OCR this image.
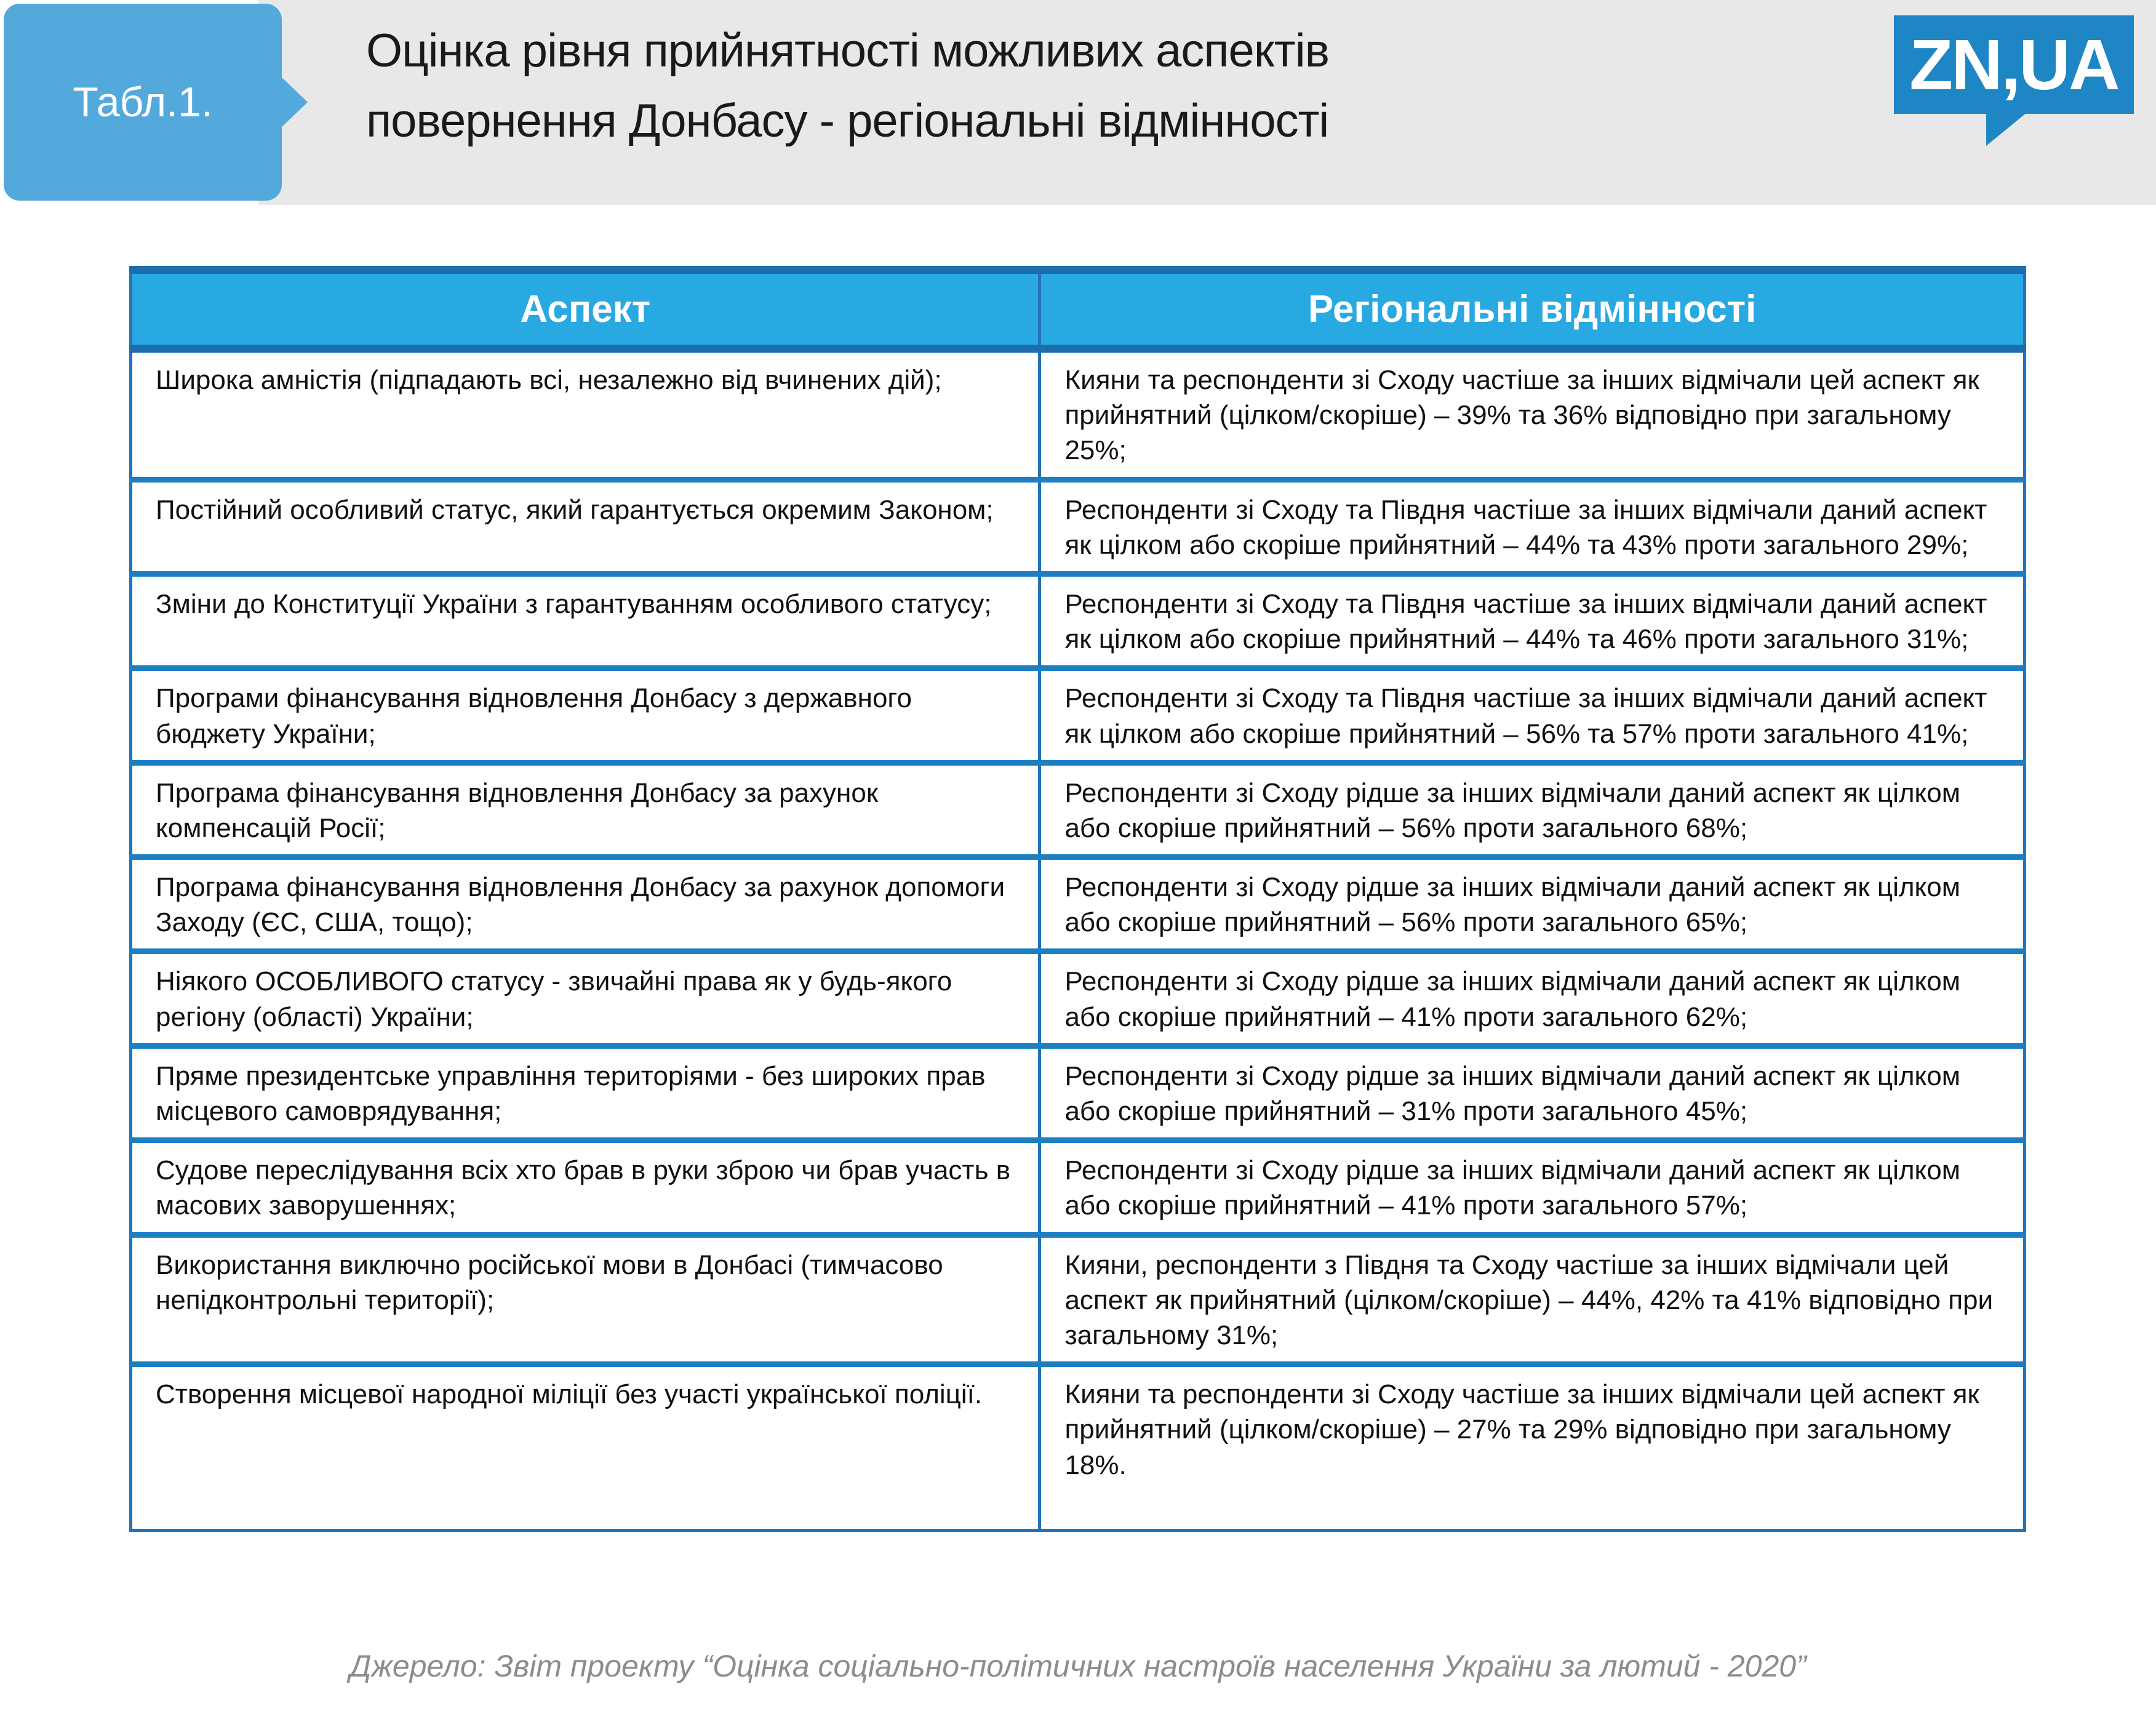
Табл.1.
Оцінка рівня прийнятності можливих аспектів
повернення Донбасу - регіональні відмінності
ZN,UA
Аспект	Регіональні відмінності
Широка амністія (підпадають всі, незалежно від вчинених дій);	Кияни та респонденти зі Сходу частіше за інших відмічали цей аспект як прийнятний (цілком/скоріше) – 39% та 36% відповідно при загальному 25%;
Постійний особливий статус, який гарантується окремим Законом;	Респонденти зі Сходу та Півдня частіше за інших відмічали даний аспект як цілком або скоріше прийнятний – 44% та 43% проти загального 29%;
Зміни до Конституції України з гарантуванням особливого статусу;	Респонденти зі Сходу та Півдня частіше за інших відмічали даний аспект як цілком або скоріше прийнятний – 44% та 46% проти загального 31%;
Програми фінансування відновлення Донбасу з державного бюджету України;	Респонденти зі Сходу та Півдня частіше за інших відмічали даний аспект як цілком або скоріше прийнятний – 56% та 57% проти загального 41%;
Програма фінансування відновлення Донбасу за рахунок компенсацій Росії;	Респонденти зі Сходу рідше за інших відмічали даний аспект як цілком або скоріше прийнятний – 56% проти загального 68%;
Програма фінансування відновлення Донбасу за рахунок допомоги Заходу (ЄС, США, тощо);	Респонденти зі Сходу рідше за інших відмічали даний аспект як цілком або скоріше прийнятний – 56% проти загального 65%;
Ніякого ОСОБЛИВОГО статусу - звичайні права як у будь-якого регіону (області) України;	Респонденти зі Сходу рідше за інших відмічали даний аспект як цілком або скоріше прийнятний – 41% проти загального 62%;
Пряме президентське управління територіями - без широких прав місцевого самоврядування;	Респонденти зі Сходу рідше за інших відмічали даний аспект як цілком або скоріше прийнятний – 31% проти загального 45%;
Судове переслідування всіх хто брав в руки зброю чи брав участь в масових заворушеннях;	Респонденти зі Сходу рідше за інших відмічали даний аспект як цілком або скоріше прийнятний – 41% проти загального 57%;
Використання виключно російської мови в Донбасі (тимчасово непідконтрольні території);	Кияни, респонденти з Півдня та Сходу частіше за інших відмічали цей аспект як прийнятний (цілком/скоріше) – 44%, 42% та 41% відповідно при загальному 31%;
Створення місцевої народної міліції без участі української поліції.	Кияни та респонденти зі Сходу частіше за інших відмічали цей аспект як прийнятний (цілком/скоріше) – 27% та 29% відповідно при загальному 18%.
Джерело: Звіт проекту “Оцінка соціально-політичних настроїв населення України за лютий - 2020”
